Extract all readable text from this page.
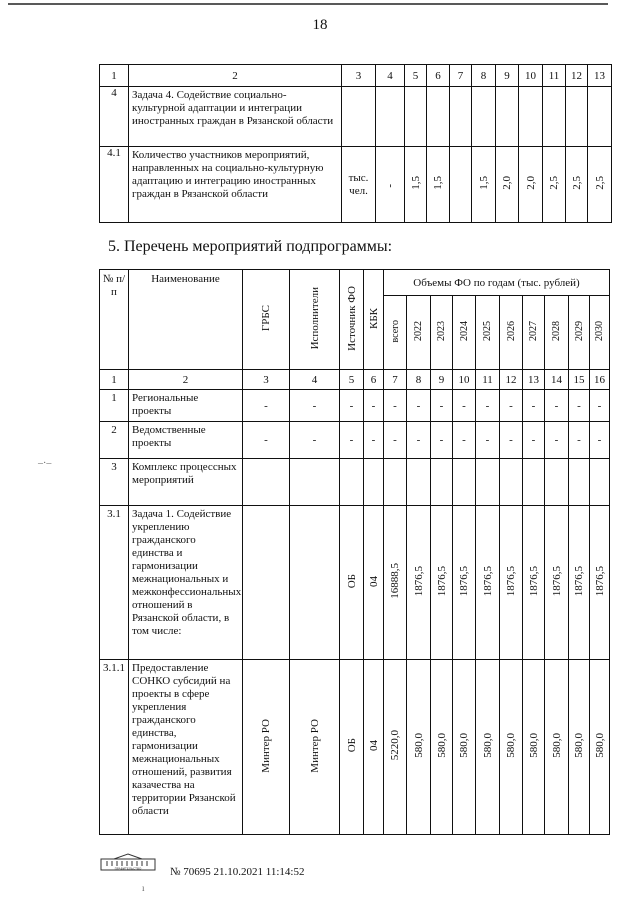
18
1	2	3	4	5	6	7	8	9	10	11	12	13
4	Задача 4. Содействие социально-культурной адаптации и интеграции иностранных граждан в Рязанской области											
4.1	Количество участников мероприятий, направленных на социально-культурную адаптацию и интеграцию иностранных граждан в Рязанской области	тыс. чел.	-	1,5	1,5		1,5	2,0	2,0	2,5	2,5	2,5
5. Перечень мероприятий подпрограммы:
№ п/п	Наименование	ГРБС	Исполнители	Источник ФО	КБК	Объемы ФО по годам (тыс. рублей)									
						всего	2022	2023	2024	2025	2026	2027	2028	2029	2030
1	2	3	4	5	6	7	8	9	10	11	12	13	14	15	16
1	Региональные проекты	-	-	-	-	-	-	-	-	-	-	-	-	-	-
2	Ведомственные проекты	-	-	-	-	-	-	-	-	-	-	-	-	-	-
3	Комплекс процессных мероприятий														
3.1	Задача 1. Содействие укреплению гражданского единства и гармонизации межнациональных и межконфессиональных отношений в Рязанской области, в том числе:			ОБ	04	16888,5	1876,5	1876,5	1876,5	1876,5	1876,5	1876,5	1876,5	1876,5	1876,5
3.1.1	Предоставление СОНКО субсидий на проекты в сфере укрепления гражданского единства, гармонизации межнациональных отношений, развития казачества на территории Рязанской области	Минтер РО	Минтер РО	ОБ	04	5220,0	580,0	580,0	580,0	580,0	580,0	580,0	580,0	580,0	580,0
–·–
ПРАВИТЕЛЬСТВО	№ 70695 21.10.2021 11:14:52
ı
